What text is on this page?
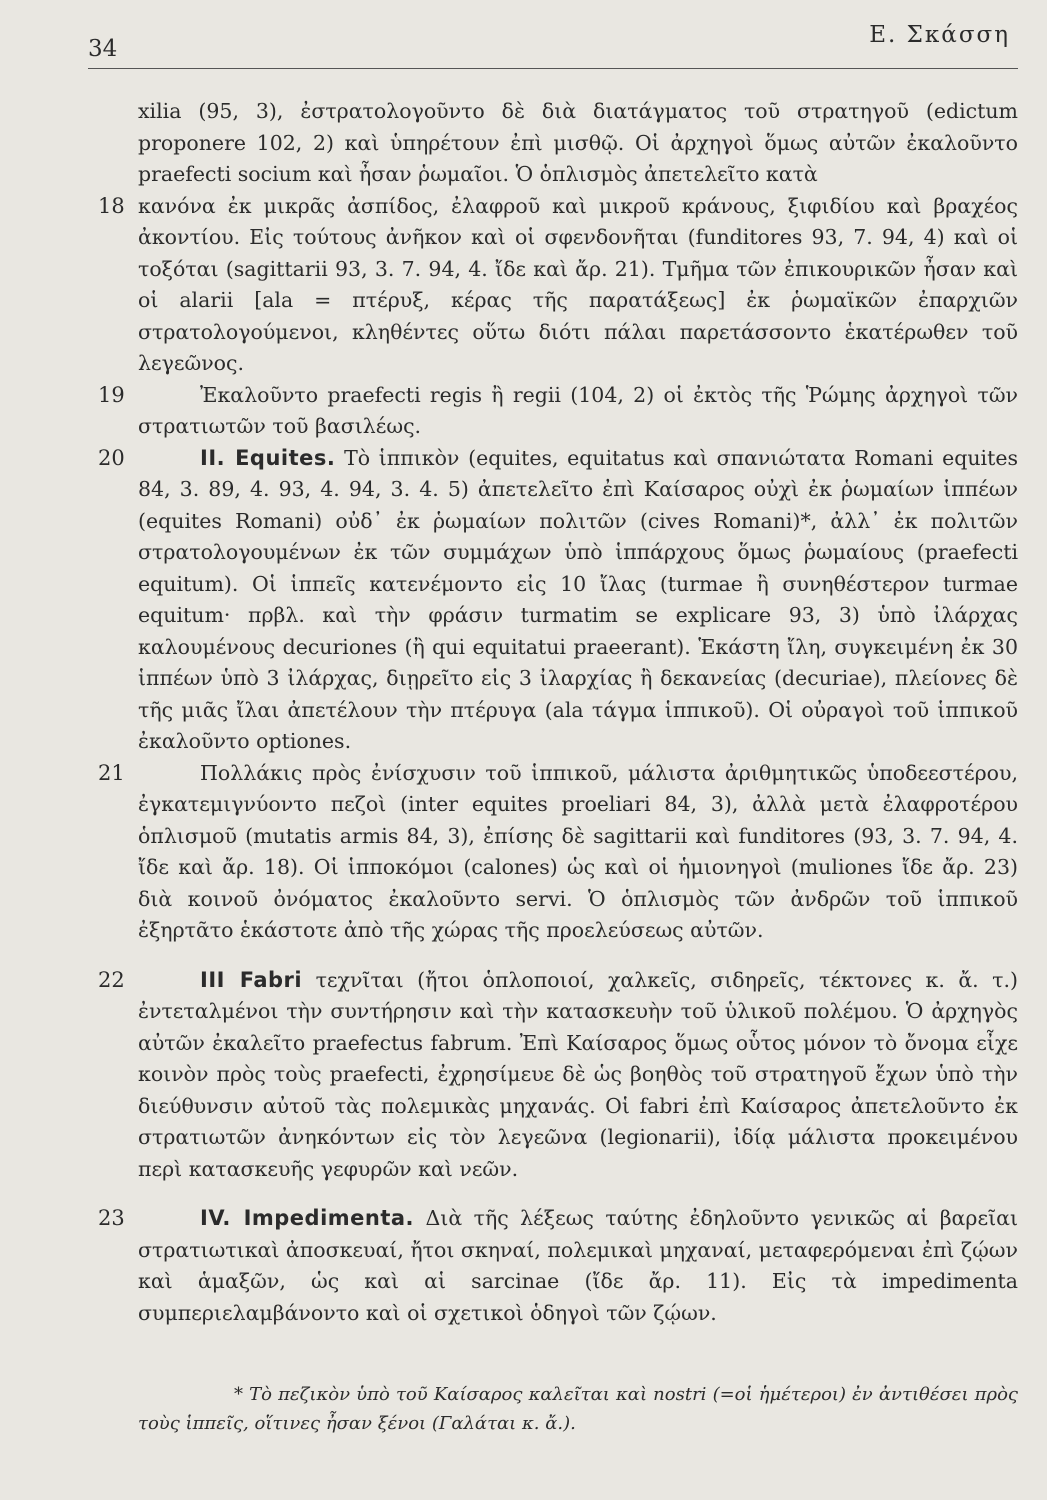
34
Ε. Σκάσση

xilia (95, 3), ἐστρατολογοῦντο δὲ διὰ διατάγματος τοῦ στρατηγοῦ (edictum proponere 102, 2) καὶ ὑπηρέτουν ἐπὶ μισθῷ. Οἱ ἀρχηγοὶ ὅμως αὐτῶν ἐκαλοῦντο praefecti socium καὶ ἦσαν ῥωμαῖοι. Ὁ ὁπλισμὸς ἀπετελεῖτο κατὰ

18 κανόνα ἐκ μικρᾶς ἀσπίδος, ἐλαφροῦ καὶ μικροῦ κράνους, ξιφιδίου καὶ βραχέος ἀκοντίου. Εἰς τούτους ἀνῆκον καὶ οἱ σφενδονῆται (funditores 93, 7. 94, 4) καὶ οἱ τοξόται (sagittarii 93, 3. 7. 94, 4. ἴδε καὶ ἄρ. 21). Τμῆμα τῶν ἐπικουρικῶν ἦσαν καὶ οἱ alarii [ala = πτέρυξ, κέρας τῆς παρατάξεως] ἐκ ῥωμαϊκῶν ἐπαρχιῶν στρατολογούμενοι, κληθέντες οὕτω διότι πάλαι παρετάσσοντο ἑκατέρωθεν τοῦ λεγεῶνος.

19	Ἐκαλοῦντο praefecti regis ἢ regii (104, 2) οἱ ἐκτὸς τῆς Ῥώμης ἀρχηγοὶ τῶν στρατιωτῶν τοῦ βασιλέως.

20	II. Equites. Τὸ ἱππικὸν (equites, equitatus καὶ σπανιώτατα Romani equites 84, 3. 89, 4. 93, 4. 94, 3. 4. 5) ἀπετελεῖτο ἐπὶ Καίσαρος οὐχὶ ἐκ ῥωμαίων ἱππέων (equites Romani) οὐδ᾽ ἐκ ῥωμαίων πολιτῶν (cives Romani)*, ἀλλ᾽ ἐκ πολιτῶν στρατολογουμένων ἐκ τῶν συμμάχων ὑπὸ ἱππάρχους ὅμως ῥωμαίους (praefecti equitum). Οἱ ἱππεῖς κατενέμοντο εἰς 10 ἴλας (turmae ἢ συνηθέστερον turmae equitum· πρβλ. καὶ τὴν φράσιν turmatim se explicare 93, 3) ὑπὸ ἰλάρχας καλουμένους decuriones (ἢ qui equitatui praeerant). Ἑκάστη ἴλη, συγκειμένη ἐκ 30 ἱππέων ὑπὸ 3 ἰλάρχας, διῃρεῖτο εἰς 3 ἰλαρχίας ἢ δεκανείας (decuriae), πλείονες δὲ τῆς μιᾶς ἴλαι ἀπετέλουν τὴν πτέρυγα (ala τάγμα ἱππικοῦ). Οἱ οὐραγοὶ τοῦ ἱππικοῦ ἐκαλοῦντο optiones.

21	Πολλάκις πρὸς ἐνίσχυσιν τοῦ ἱππικοῦ, μάλιστα ἀριθμητικῶς ὑποδεεστέρου, ἐγκατεμιγνύοντο πεζοὶ (inter equites proeliari 84, 3), ἀλλὰ μετὰ ἐλαφροτέρου ὁπλισμοῦ (mutatis armis 84, 3), ἐπίσης δὲ sagittarii καὶ funditores (93, 3. 7. 94, 4. ἴδε καὶ ἄρ. 18). Οἱ ἱπποκόμοι (calones) ὡς καὶ οἱ ἡμιονηγοὶ (muliones ἴδε ἄρ. 23) διὰ κοινοῦ ὀνόματος ἐκαλοῦντο servi. Ὁ ὁπλισμὸς τῶν ἀνδρῶν τοῦ ἱππικοῦ ἐξηρτᾶτο ἑκάστοτε ἀπὸ τῆς χώρας τῆς προελεύσεως αὐτῶν.

22	III Fabri τεχνῖται (ἤτοι ὁπλοποιοί, χαλκεῖς, σιδηρεῖς, τέκτονες κ. ἄ. τ.) ἐντεταλμένοι τὴν συντήρησιν καὶ τὴν κατασκευὴν τοῦ ὑλικοῦ πολέμου. Ὁ ἀρχηγὸς αὐτῶν ἐκαλεῖτο praefectus fabrum. Ἐπὶ Καίσαρος ὅμως οὗτος μόνον τὸ ὄνομα εἶχε κοινὸν πρὸς τοὺς praefecti, ἐχρησίμευε δὲ ὡς βοηθὸς τοῦ στρατηγοῦ ἔχων ὑπὸ τὴν διεύθυνσιν αὐτοῦ τὰς πολεμικὰς μηχανάς. Οἱ fabri ἐπὶ Καίσαρος ἀπετελοῦντο ἐκ στρατιωτῶν ἀνηκόντων εἰς τὸν λεγεῶνα (legionarii), ἰδίᾳ μάλιστα προκειμένου περὶ κατασκευῆς γεφυρῶν καὶ νεῶν.

23	IV. Impedimenta. Διὰ τῆς λέξεως ταύτης ἐδηλοῦντο γενικῶς αἱ βαρεῖαι στρατιωτικαὶ ἀποσκευαί, ἤτοι σκηναί, πολεμικαὶ μηχαναί, μεταφερόμεναι ἐπὶ ζῴων καὶ ἁμαξῶν, ὡς καὶ αἱ sarcinae (ἴδε ἄρ. 11). Εἰς τὰ impedimenta συμπεριελαμβάνοντο καὶ οἱ σχετικοὶ ὁδηγοὶ τῶν ζῴων.

* Τὸ πεζικὸν ὑπὸ τοῦ Καίσαρος καλεῖται καὶ nostri (=οἱ ἡμέτεροι) ἐν ἀντιθέσει πρὸς τοὺς ἱππεῖς, οἵτινες ἦσαν ξένοι (Γαλάται κ. ἄ.).
